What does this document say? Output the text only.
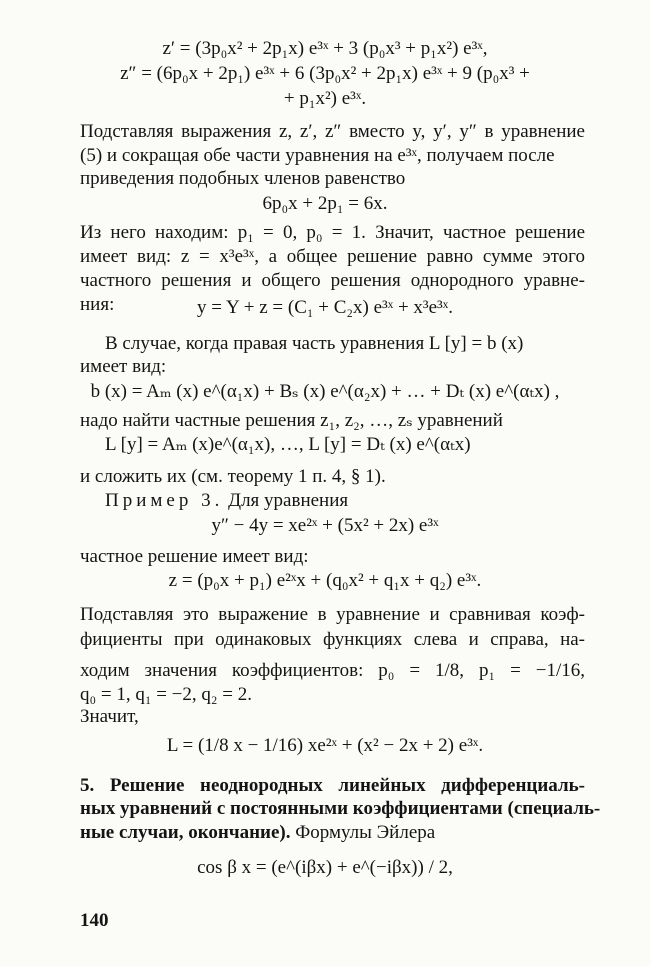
z′ = (3p₀x² + 2p₁x) e³ˣ + 3 (p₀x³ + p₁x²) e³ˣ,
z″ = (6p₀x + 2p₁) e³ˣ + 6 (3p₀x² + 2p₁x) e³ˣ + 9 (p₀x³ +
+ p₁x²) e³ˣ.
Подставляя выражения z, z′, z″ вместо y, y′, y″ в уравнение
(5) и сокращая обе части уравнения на e³ˣ, получаем после
приведения подобных членов равенство
6p₀x + 2p₁ = 6x.
Из него находим: p₁ = 0, p₀ = 1. Значит, частное решение
имеет вид: z = x³e³ˣ, а общее решение равно сумме этого
частного решения и общего решения однородного уравне-
ния:	y = Y + z = (C₁ + C₂x) e³ˣ + x³e³ˣ.
В случае, когда правая часть уравнения L [y] = b (x)
имеет вид:
b (x) = Aₘ (x) e^(α₁x) + Bₛ (x) e^(α₂x) + … + Dₜ (x) e^(αₜx) ,
надо найти частные решения z₁, z₂, …, zₛ уравнений
L [y] = Aₘ (x)e^(α₁x), …, L [y] = Dₜ (x) e^(αₜx)
и сложить их (см. теорему 1 п. 4, § 1).
Пример 3. Для уравнения
y″ − 4y = xe²ˣ + (5x² + 2x) e³ˣ
частное решение имеет вид:
z = (p₀x + p₁) e²ˣx + (q₀x² + q₁x + q₂) e³ˣ.
Подставляя это выражение в уравнение и сравнивая коэф-
фициенты при одинаковых функциях слева и справа, на-
ходим значения коэффициентов: p₀ = 1/8, p₁ = −1/16,
q₀ = 1, q₁ = −2, q₂ = 2.
Значит,
L = (1/8 x − 1/16) xe²ˣ + (x² − 2x + 2) e³ˣ.
5. Решение неоднородных линейных дифференциаль-
ных уравнений с постоянными коэффициентами (специаль-
ные случаи, окончание). Формулы Эйлера
cos β x = (e^(iβx) + e^(−iβx)) / 2,
140
